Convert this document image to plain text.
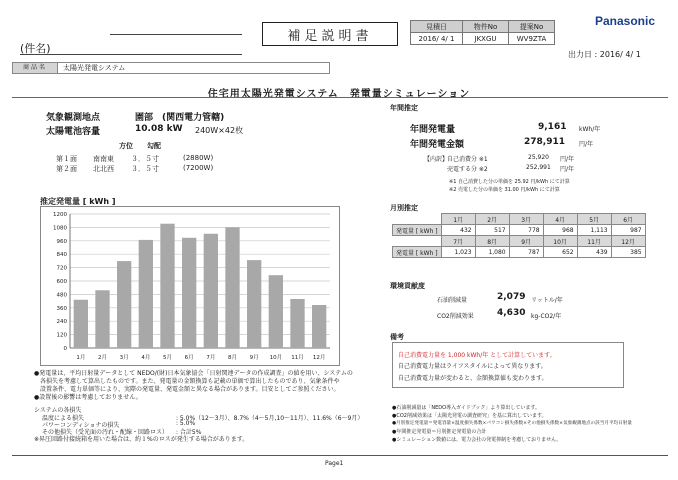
(件名)
補足説明書
見積日	物件No	提案No
2016/ 4/ 1	JKXGU	WV9ZTA
Panasonic
出力日 : 2016/ 4/ 1
商品名	太陽光発電システム
住宅用太陽光発電システム　発電量シミュレーション
気象観測地点	園部　(関西電力管轄)
太陽電池容量	10.08 kW 240W×42枚
方位 勾配
第１面 南南東 ３．５寸	(2880W)
第２面 北北西 ３．５寸	(7200W)
推定発電量 [ kWh ]
0
120
240
360
480
600
720
840
960
1080
1200
1月 2月 3月 4月 5月 6月 7月 8月 9月 10月 11月 12月
●発電量は、平均日射量データとして NEDO/(財)日本気象協会「日射関連データの作成調査」の値を用い、システムの
　各損失を考慮して算出したものです。また、発電量の金額換算も記載の単価で算出したものであり、気象条件や
　設置条件、電力単価等により、実際の発電量、発電金額と異なる場合があります。目安としてご参照ください。
●設置後の影響は考慮しておりません。
システムの各損失
温度による損失	: 5.0%（12～3月）、8.7%（4～5月,10～11月）、11.6%（6～9月）
パワーコンディショナの損失	: 5.0%
その他損失（受光面の汚れ・配線・回路ロス） : 合計5%
※昇圧回路付接続箱を用いた場合は、約１%のロスが発生する場合があります。
年間推定
年間発電量	9,161 kWh/年
年間発電金額	278,911 円/年
【内訳】
自己消費分 ※1	25,920 円/年
売電する分 ※2	252,991 円/年
※1 自己消費した分の単価を 25.92 円/kWh にて計算
※2 売電した分の単価を 31.00 円/kWh にて計算
月別推定
	1月	2月	3月	4月	5月	6月
発電量 [ kWh ]	432	517	778	968	1,113	987
	7月	8月	9月	10月	11月	12月
発電量 [ kWh ]	1,023	1,080	787	652	439	385
環境貢献度
石油削減量	2,079 リットル/年
CO2削減効果	4,630 kg-CO2/年
備考
自己消費電力量を 1,000 kWh/年 として計算しています。
自己消費電力量はライフスタイルによって異なります。
自己消費電力量が変わると、金額換算値も変わります。
●石油削減量は「NEDO導入ガイドブック」より算出しています。
●CO2削減効果は「太陽光発電の調査研究」を基に算出しています。
●月別推定発電量＝発電容量×温度損失係数×パワコン損失係数×その他損失係数×気象観測地点の該当月平均日射量
●年間推定発電量＝月別推定発電量の合計
●シミュレーション数値には、電力会社の発電抑制を考慮しておりません。
Page1
